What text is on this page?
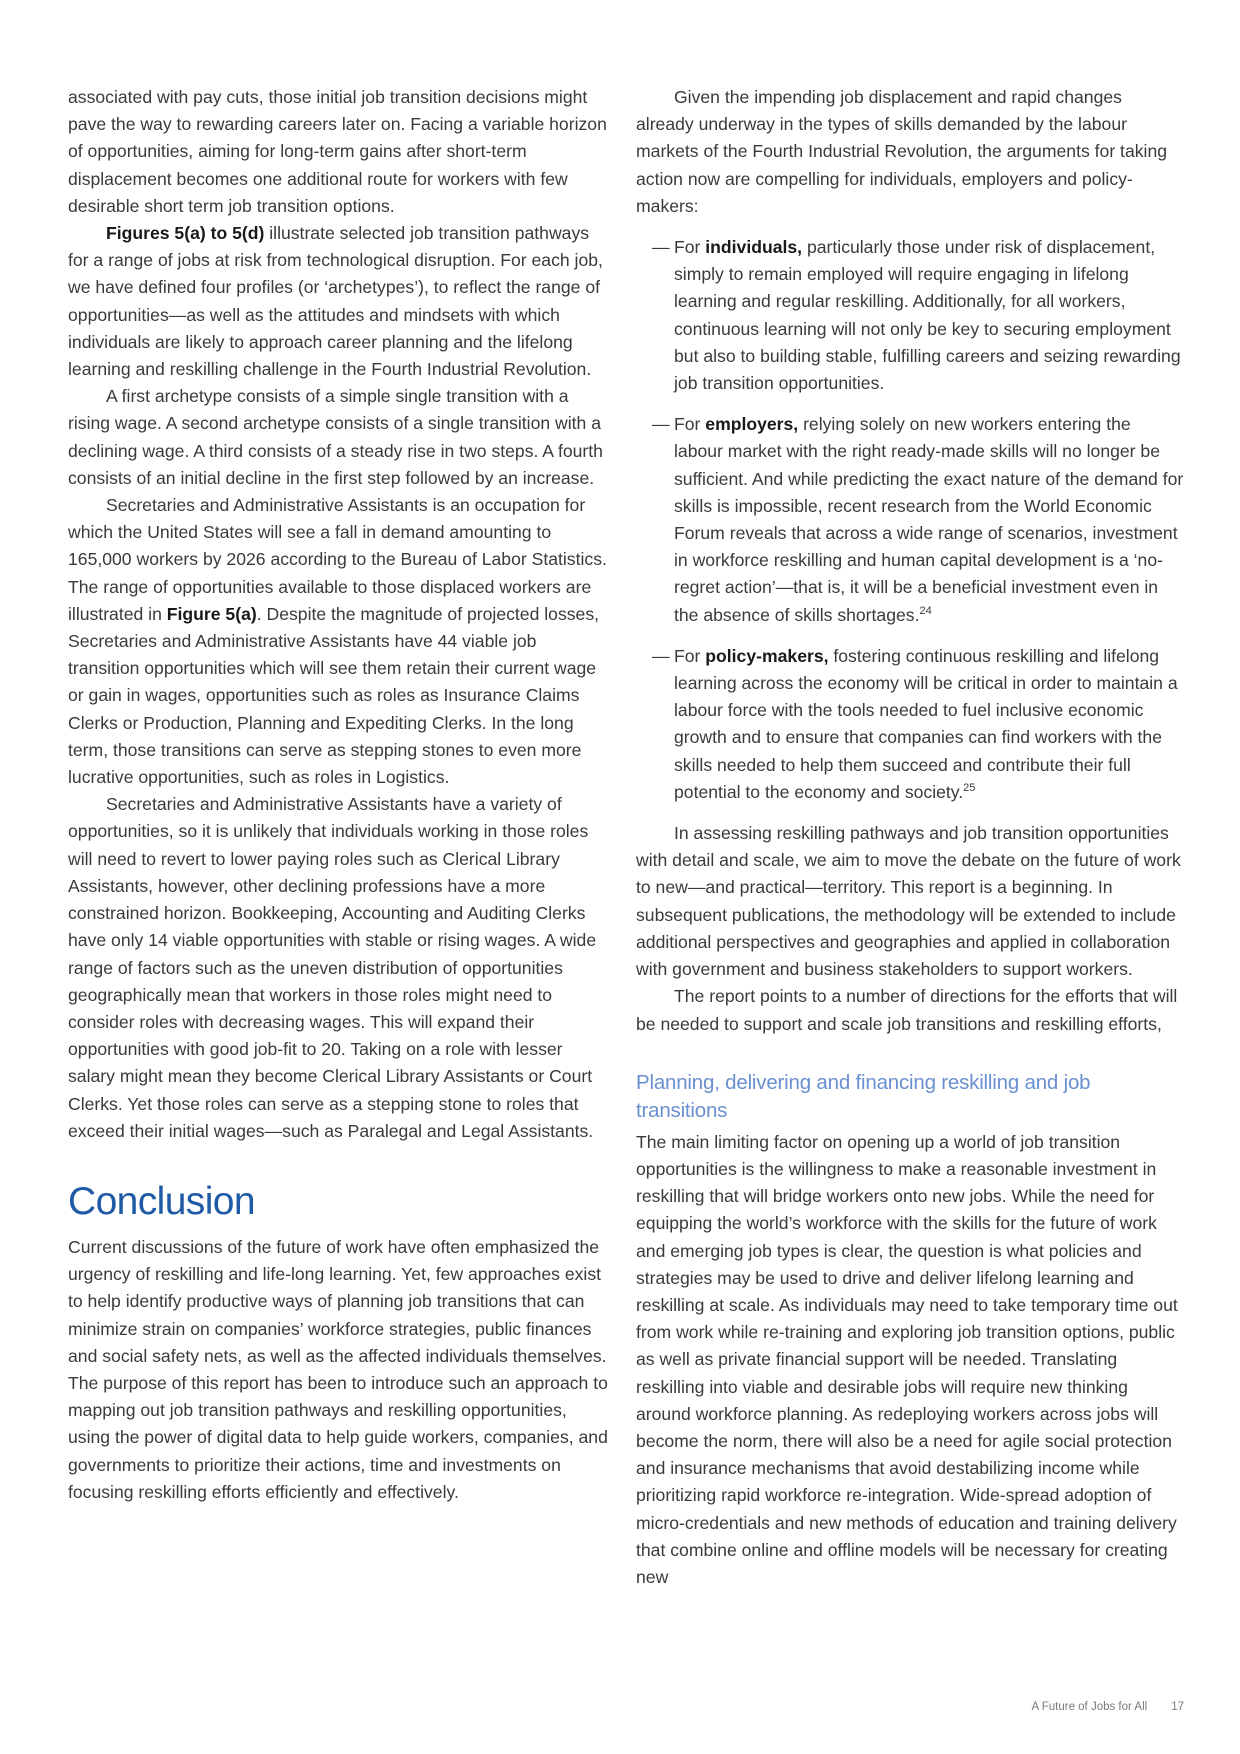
associated with pay cuts, those initial job transition decisions might pave the way to rewarding careers later on. Facing a variable horizon of opportunities, aiming for long-term gains after short-term displacement becomes one additional route for workers with few desirable short term job transition options.

Figures 5(a) to 5(d) illustrate selected job transition pathways for a range of jobs at risk from technological disruption. For each job, we have defined four profiles (or ‘archetypes’), to reflect the range of opportunities—as well as the attitudes and mindsets with which individuals are likely to approach career planning and the lifelong learning and reskilling challenge in the Fourth Industrial Revolution.

A first archetype consists of a simple single transition with a rising wage. A second archetype consists of a single transition with a declining wage. A third consists of a steady rise in two steps. A fourth consists of an initial decline in the first step followed by an increase.

Secretaries and Administrative Assistants is an occupation for which the United States will see a fall in demand amounting to 165,000 workers by 2026 according to the Bureau of Labor Statistics. The range of opportunities available to those displaced workers are illustrated in Figure 5(a). Despite the magnitude of projected losses, Secretaries and Administrative Assistants have 44 viable job transition opportunities which will see them retain their current wage or gain in wages, opportunities such as roles as Insurance Claims Clerks or Production, Planning and Expediting Clerks. In the long term, those transitions can serve as stepping stones to even more lucrative opportunities, such as roles in Logistics.

Secretaries and Administrative Assistants have a variety of opportunities, so it is unlikely that individuals working in those roles will need to revert to lower paying roles such as Clerical Library Assistants, however, other declining professions have a more constrained horizon. Bookkeeping, Accounting and Auditing Clerks have only 14 viable opportunities with stable or rising wages. A wide range of factors such as the uneven distribution of opportunities geographically mean that workers in those roles might need to consider roles with decreasing wages. This will expand their opportunities with good job-fit to 20. Taking on a role with lesser salary might mean they become Clerical Library Assistants or Court Clerks. Yet those roles can serve as a stepping stone to roles that exceed their initial wages—such as Paralegal and Legal Assistants.

Conclusion

Current discussions of the future of work have often emphasized the urgency of reskilling and life-long learning. Yet, few approaches exist to help identify productive ways of planning job transitions that can minimize strain on companies’ workforce strategies, public finances and social safety nets, as well as the affected individuals themselves. The purpose of this report has been to introduce such an approach to mapping out job transition pathways and reskilling opportunities, using the power of digital data to help guide workers, companies, and governments to prioritize their actions, time and investments on focusing reskilling efforts efficiently and effectively.

Given the impending job displacement and rapid changes already underway in the types of skills demanded by the labour markets of the Fourth Industrial Revolution, the arguments for taking action now are compelling for individuals, employers and policy-makers:

— For individuals, particularly those under risk of displacement, simply to remain employed will require engaging in lifelong learning and regular reskilling. Additionally, for all workers, continuous learning will not only be key to securing employment but also to building stable, fulfilling careers and seizing rewarding job transition opportunities.
— For employers, relying solely on new workers entering the labour market with the right ready-made skills will no longer be sufficient. And while predicting the exact nature of the demand for skills is impossible, recent research from the World Economic Forum reveals that across a wide range of scenarios, investment in workforce reskilling and human capital development is a ‘no-regret action’—that is, it will be a beneficial investment even in the absence of skills shortages.$^{24}$
— For policy-makers, fostering continuous reskilling and lifelong learning across the economy will be critical in order to maintain a labour force with the tools needed to fuel inclusive economic growth and to ensure that companies can find workers with the skills needed to help them succeed and contribute their full potential to the economy and society.$^{25}$

In assessing reskilling pathways and job transition opportunities with detail and scale, we aim to move the debate on the future of work to new—and practical—territory. This report is a beginning. In subsequent publications, the methodology will be extended to include additional perspectives and geographies and applied in collaboration with government and business stakeholders to support workers.

The report points to a number of directions for the efforts that will be needed to support and scale job transitions and reskilling efforts,

Planning, delivering and financing reskilling and job transitions

The main limiting factor on opening up a world of job transition opportunities is the willingness to make a reasonable investment in reskilling that will bridge workers onto new jobs. While the need for equipping the world’s workforce with the skills for the future of work and emerging job types is clear, the question is what policies and strategies may be used to drive and deliver lifelong learning and reskilling at scale. As individuals may need to take temporary time out from work while re-training and exploring job transition options, public as well as private financial support will be needed. Translating reskilling into viable and desirable jobs will require new thinking around workforce planning. As redeploying workers across jobs will become the norm, there will also be a need for agile social protection and insurance mechanisms that avoid destabilizing income while prioritizing rapid workforce re-integration. Wide-spread adoption of micro-credentials and new methods of education and training delivery that combine online and offline models will be necessary for creating new

A Future of Jobs for All 17
